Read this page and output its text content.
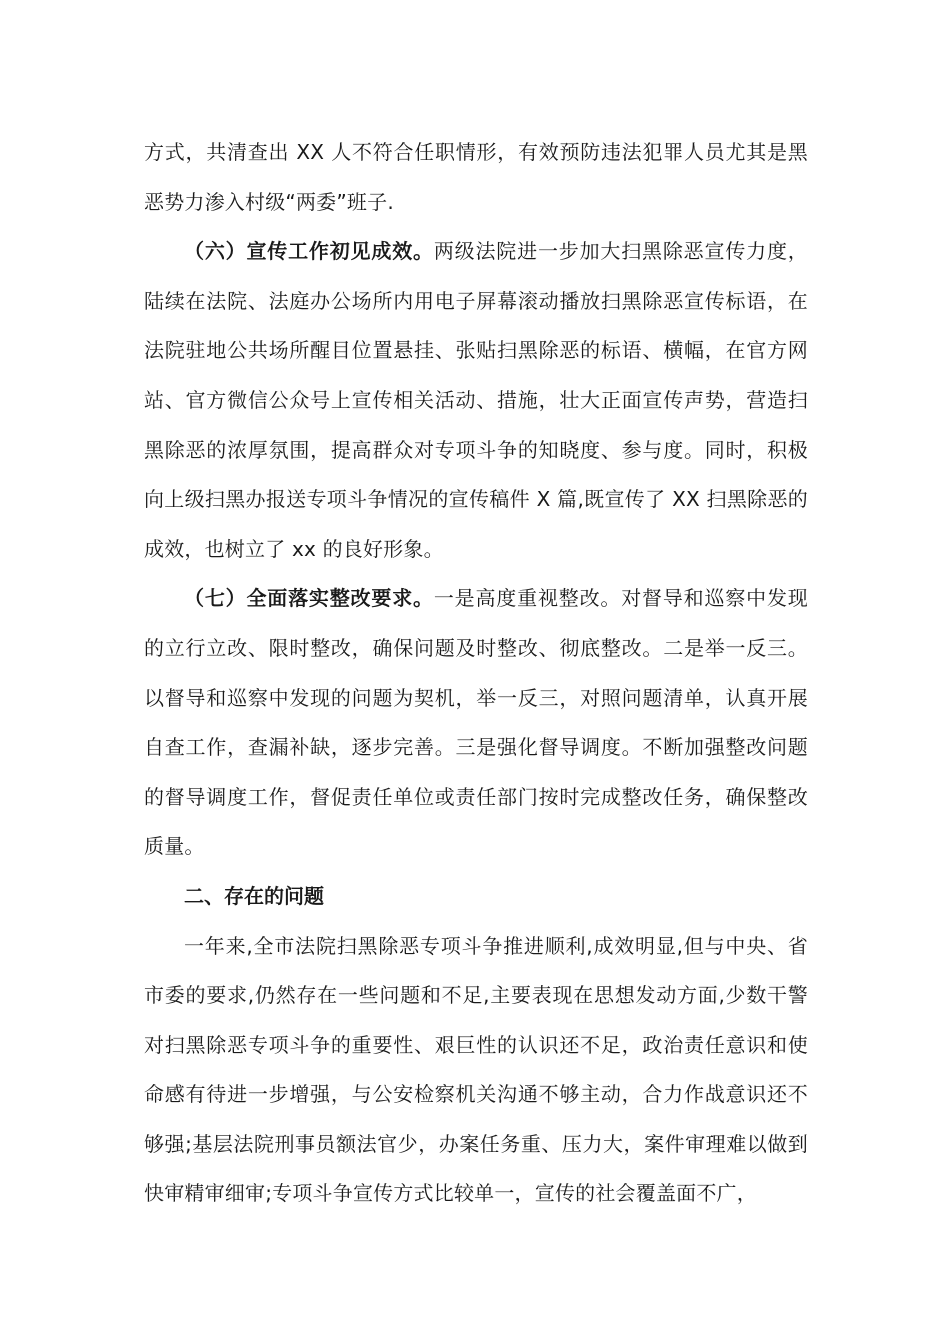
方式，共清查出 XX 人不符合任职情形，有效预防违法犯罪人员尤其是黑恶势力渗入村级“两委”班子.

（六）宣传工作初见成效。两级法院进一步加大扫黑除恶宣传力度，陆续在法院、法庭办公场所内用电子屏幕滚动播放扫黑除恶宣传标语，在法院驻地公共场所醒目位置悬挂、张贴扫黑除恶的标语、横幅，在官方网站、官方微信公众号上宣传相关活动、措施，壮大正面宣传声势，营造扫黑除恶的浓厚氛围，提高群众对专项斗争的知晓度、参与度。同时，积极向上级扫黑办报送专项斗争情况的宣传稿件 X 篇,既宣传了 XX 扫黑除恶的成效，也树立了 xx 的良好形象。

（七）全面落实整改要求。一是高度重视整改。对督导和巡察中发现的立行立改、限时整改，确保问题及时整改、彻底整改。二是举一反三。以督导和巡察中发现的问题为契机，举一反三，对照问题清单，认真开展自查工作，查漏补缺，逐步完善。三是强化督导调度。不断加强整改问题的督导调度工作，督促责任单位或责任部门按时完成整改任务，确保整改质量。

二、存在的问题

一年来,全市法院扫黑除恶专项斗争推进顺利,成效明显,但与中央、省市委的要求,仍然存在一些问题和不足,主要表现在思想发动方面,少数干警对扫黑除恶专项斗争的重要性、艰巨性的认识还不足，政治责任意识和使命感有待进一步增强，与公安检察机关沟通不够主动，合力作战意识还不够强;基层法院刑事员额法官少，办案任务重、压力大，案件审理难以做到快审精审细审;专项斗争宣传方式比较单一，宣传的社会覆盖面不广，
